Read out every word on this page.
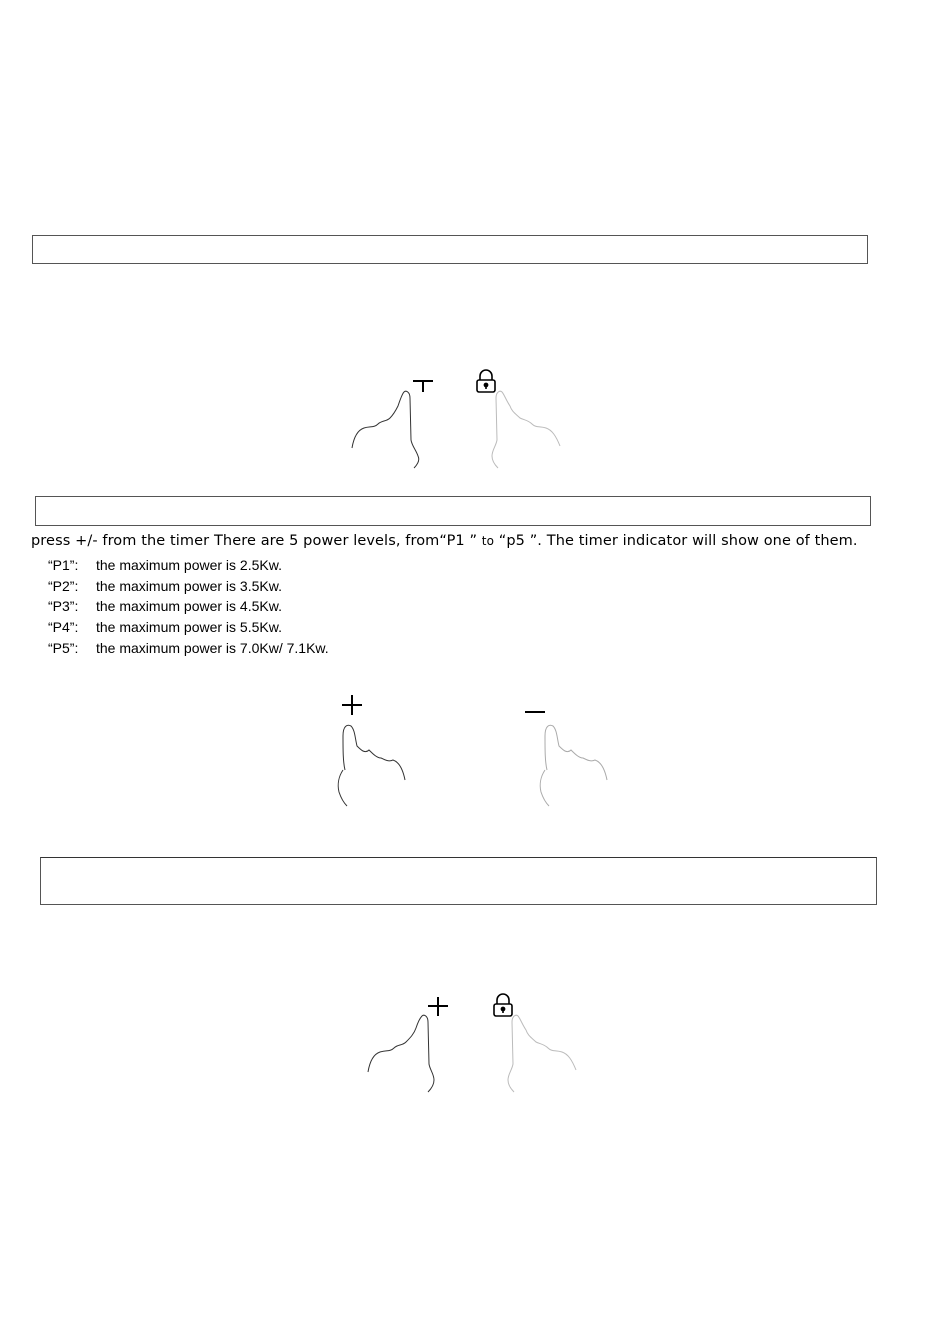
press +/- from the timer There are 5 power levels, from“P1 ” to “p5 ”. The timer indicator will show one of them.
“P1”: the maximum power is 2.5Kw.
“P2”: the maximum power is 3.5Kw.
“P3”: the maximum power is 4.5Kw.
“P4”: the maximum power is 5.5Kw.
“P5”: the maximum power is 7.0Kw/ 7.1Kw.
